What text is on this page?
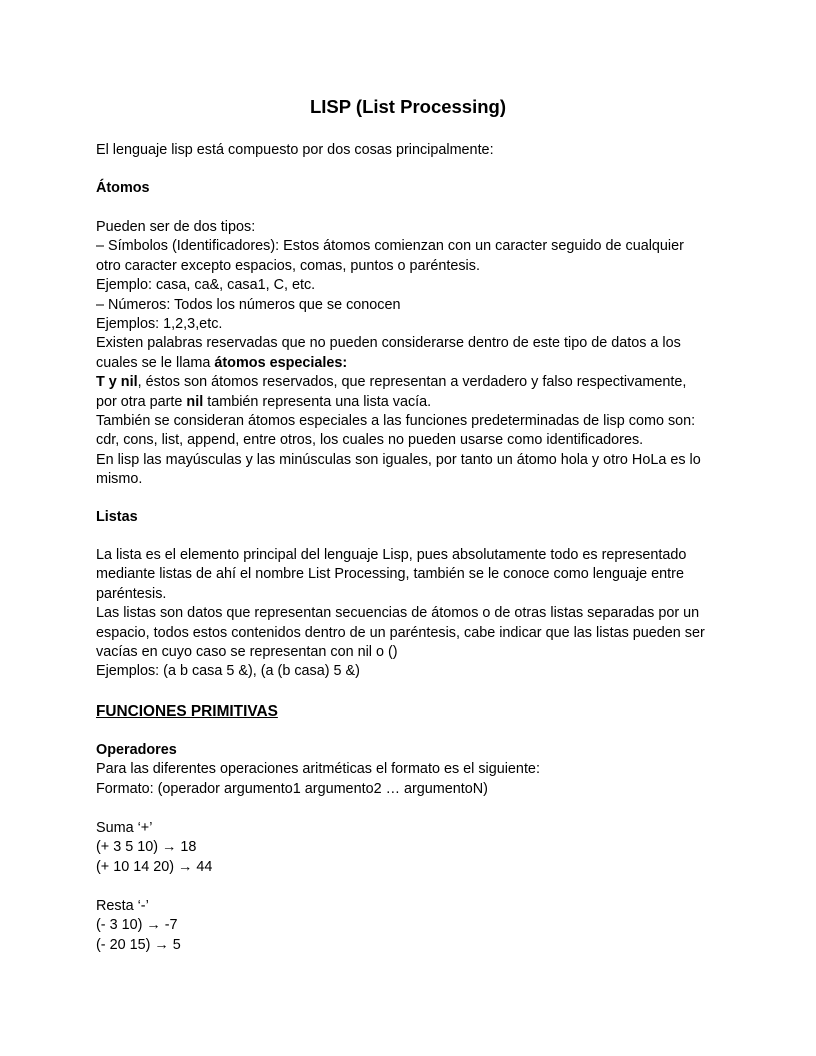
LISP (List Processing)
El lenguaje lisp está compuesto por dos cosas principalmente:
Átomos
Pueden ser de dos tipos:
– Símbolos (Identificadores): Estos átomos comienzan con un caracter seguido de cualquier
otro caracter excepto espacios, comas, puntos o paréntesis.
Ejemplo: casa, ca&, casa1, C, etc.
– Números: Todos los números que se conocen
Ejemplos: 1,2,3,etc.
Existen palabras reservadas que no pueden considerarse dentro de este tipo de datos a los
cuales se le llama átomos especiales:
T y nil, éstos son átomos reservados, que representan a verdadero y falso respectivamente,
por otra parte nil también representa una lista vacía.
También se consideran átomos especiales a las funciones predeterminadas de lisp como son:
cdr, cons, list, append, entre otros, los cuales no pueden usarse como identificadores.
En lisp las mayúsculas y las minúsculas son iguales, por tanto un átomo hola y otro HoLa es lo
mismo.
Listas
La lista es el elemento principal del lenguaje Lisp, pues absolutamente todo es representado
mediante listas de ahí el nombre List Processing, también se le conoce como lenguaje entre
paréntesis.
Las listas son datos que representan secuencias de átomos o de otras listas separadas por un
espacio, todos estos contenidos dentro de un paréntesis, cabe indicar que las listas pueden ser
vacías en cuyo caso se representan con nil o ()
Ejemplos: (a b casa 5 &), (a (b casa) 5 &)
FUNCIONES PRIMITIVAS
Operadores
Para las diferentes operaciones aritméticas el formato es el siguiente:
Formato: (operador argumento1 argumento2 … argumentoN)
Suma ‘+’
(+ 3 5 10) → 18
(+ 10 14 20) → 44
Resta ‘-’
(- 3 10) → -7
(- 20 15) → 5
